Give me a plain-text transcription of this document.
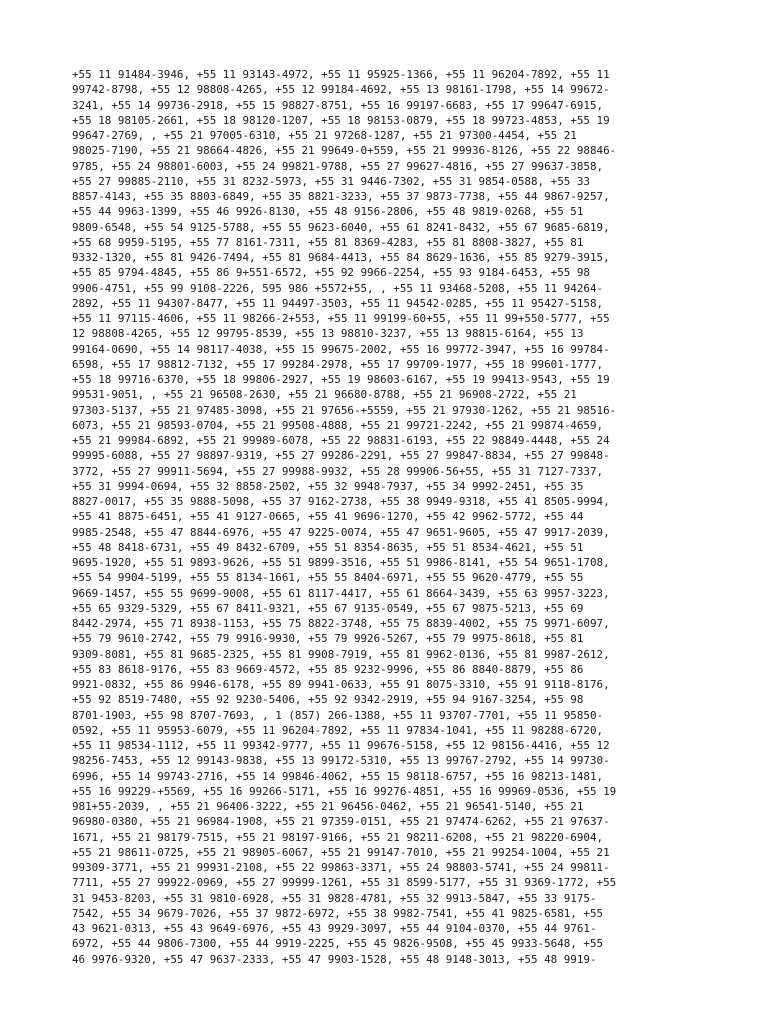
+55 11 91484-3946, +55 11 93143-4972, +55 11 95925-1366, +55 11 96204-7892, +55 11
99742-8798, +55 12 98808-4265, +55 12 99184-4692, +55 13 98161-1798, +55 14 99672-
3241, +55 14 99736-2918, +55 15 98827-8751, +55 16 99197-6683, +55 17 99647-6915,
+55 18 98105-2661, +55 18 98120-1207, +55 18 98153-0879, +55 18 99723-4853, +55 19
99647-2769, , +55 21 97005-6310, +55 21 97268-1287, +55 21 97300-4454, +55 21
98025-7190, +55 21 98664-4826, +55 21 99649-0+559, +55 21 99936-8126, +55 22 98846-
9785, +55 24 98801-6003, +55 24 99821-9788, +55 27 99627-4816, +55 27 99637-3858,
+55 27 99885-2110, +55 31 8232-5973, +55 31 9446-7302, +55 31 9854-0588, +55 33
8857-4143, +55 35 8803-6849, +55 35 8821-3233, +55 37 9873-7738, +55 44 9867-9257,
+55 44 9963-1399, +55 46 9926-8130, +55 48 9156-2806, +55 48 9819-0268, +55 51
9809-6548, +55 54 9125-5788, +55 55 9623-6040, +55 61 8241-8432, +55 67 9685-6819,
+55 68 9959-5195, +55 77 8161-7311, +55 81 8369-4283, +55 81 8808-3827, +55 81
9332-1320, +55 81 9426-7494, +55 81 9684-4413, +55 84 8629-1636, +55 85 9279-3915,
+55 85 9794-4845, +55 86 9+551-6572, +55 92 9966-2254, +55 93 9184-6453, +55 98
9906-4751, +55 99 9108-2226, 595 986 +5572+55, , +55 11 93468-5208, +55 11 94264-
2892, +55 11 94307-8477, +55 11 94497-3503, +55 11 94542-0285, +55 11 95427-5158,
+55 11 97115-4606, +55 11 98266-2+553, +55 11 99199-60+55, +55 11 99+550-5777, +55
12 98808-4265, +55 12 99795-8539, +55 13 98810-3237, +55 13 98815-6164, +55 13
99164-0690, +55 14 98117-4038, +55 15 99675-2002, +55 16 99772-3947, +55 16 99784-
6598, +55 17 98812-7132, +55 17 99284-2978, +55 17 99709-1977, +55 18 99601-1777,
+55 18 99716-6370, +55 18 99806-2927, +55 19 98603-6167, +55 19 99413-9543, +55 19
99531-9051, , +55 21 96508-2630, +55 21 96680-8788, +55 21 96908-2722, +55 21
97303-5137, +55 21 97485-3098, +55 21 97656-+5559, +55 21 97930-1262, +55 21 98516-
6073, +55 21 98593-0704, +55 21 99508-4888, +55 21 99721-2242, +55 21 99874-4659,
+55 21 99984-6892, +55 21 99989-6078, +55 22 98831-6193, +55 22 98849-4448, +55 24
99995-6088, +55 27 98897-9319, +55 27 99286-2291, +55 27 99847-8834, +55 27 99848-
3772, +55 27 99911-5694, +55 27 99988-9932, +55 28 99906-56+55, +55 31 7127-7337,
+55 31 9994-0694, +55 32 8858-2502, +55 32 9948-7937, +55 34 9992-2451, +55 35
8827-0017, +55 35 9888-5098, +55 37 9162-2738, +55 38 9949-9318, +55 41 8505-9994,
+55 41 8875-6451, +55 41 9127-0665, +55 41 9696-1270, +55 42 9962-5772, +55 44
9985-2548, +55 47 8844-6976, +55 47 9225-0074, +55 47 9651-9605, +55 47 9917-2039,
+55 48 8418-6731, +55 49 8432-6709, +55 51 8354-8635, +55 51 8534-4621, +55 51
9695-1920, +55 51 9893-9626, +55 51 9899-3516, +55 51 9986-8141, +55 54 9651-1708,
+55 54 9904-5199, +55 55 8134-1661, +55 55 8404-6971, +55 55 9620-4779, +55 55
9669-1457, +55 55 9699-9008, +55 61 8117-4417, +55 61 8664-3439, +55 63 9957-3223,
+55 65 9329-5329, +55 67 8411-9321, +55 67 9135-0549, +55 67 9875-5213, +55 69
8442-2974, +55 71 8938-1153, +55 75 8822-3748, +55 75 8839-4002, +55 75 9971-6097,
+55 79 9610-2742, +55 79 9916-9930, +55 79 9926-5267, +55 79 9975-8618, +55 81
9309-8081, +55 81 9685-2325, +55 81 9908-7919, +55 81 9962-0136, +55 81 9987-2612,
+55 83 8618-9176, +55 83 9669-4572, +55 85 9232-9996, +55 86 8840-8879, +55 86
9921-0832, +55 86 9946-6178, +55 89 9941-0633, +55 91 8075-3310, +55 91 9118-8176,
+55 92 8519-7480, +55 92 9230-5406, +55 92 9342-2919, +55 94 9167-3254, +55 98
8701-1903, +55 98 8707-7693, , 1 (857) 266-1388, +55 11 93707-7701, +55 11 95850-
0592, +55 11 95953-6079, +55 11 96204-7892, +55 11 97834-1041, +55 11 98288-6720,
+55 11 98534-1112, +55 11 99342-9777, +55 11 99676-5158, +55 12 98156-4416, +55 12
98256-7453, +55 12 99143-9838, +55 13 99172-5310, +55 13 99767-2792, +55 14 99730-
6996, +55 14 99743-2716, +55 14 99846-4062, +55 15 98118-6757, +55 16 98213-1481,
+55 16 99229-+5569, +55 16 99266-5171, +55 16 99276-4851, +55 16 99969-0536, +55 19
981+55-2039, , +55 21 96406-3222, +55 21 96456-0462, +55 21 96541-5140, +55 21
96980-0380, +55 21 96984-1908, +55 21 97359-0151, +55 21 97474-6262, +55 21 97637-
1671, +55 21 98179-7515, +55 21 98197-9166, +55 21 98211-6208, +55 21 98220-6904,
+55 21 98611-0725, +55 21 98905-6067, +55 21 99147-7010, +55 21 99254-1004, +55 21
99309-3771, +55 21 99931-2108, +55 22 99863-3371, +55 24 98803-5741, +55 24 99811-
7711, +55 27 99922-0969, +55 27 99999-1261, +55 31 8599-5177, +55 31 9369-1772, +55
31 9453-8203, +55 31 9810-6928, +55 31 9828-4781, +55 32 9913-5847, +55 33 9175-
7542, +55 34 9679-7026, +55 37 9872-6972, +55 38 9982-7541, +55 41 9825-6581, +55
43 9621-0313, +55 43 9649-6976, +55 43 9929-3097, +55 44 9104-0370, +55 44 9761-
6972, +55 44 9806-7300, +55 44 9919-2225, +55 45 9826-9508, +55 45 9933-5648, +55
46 9976-9320, +55 47 9637-2333, +55 47 9903-1528, +55 48 9148-3013, +55 48 9919-
